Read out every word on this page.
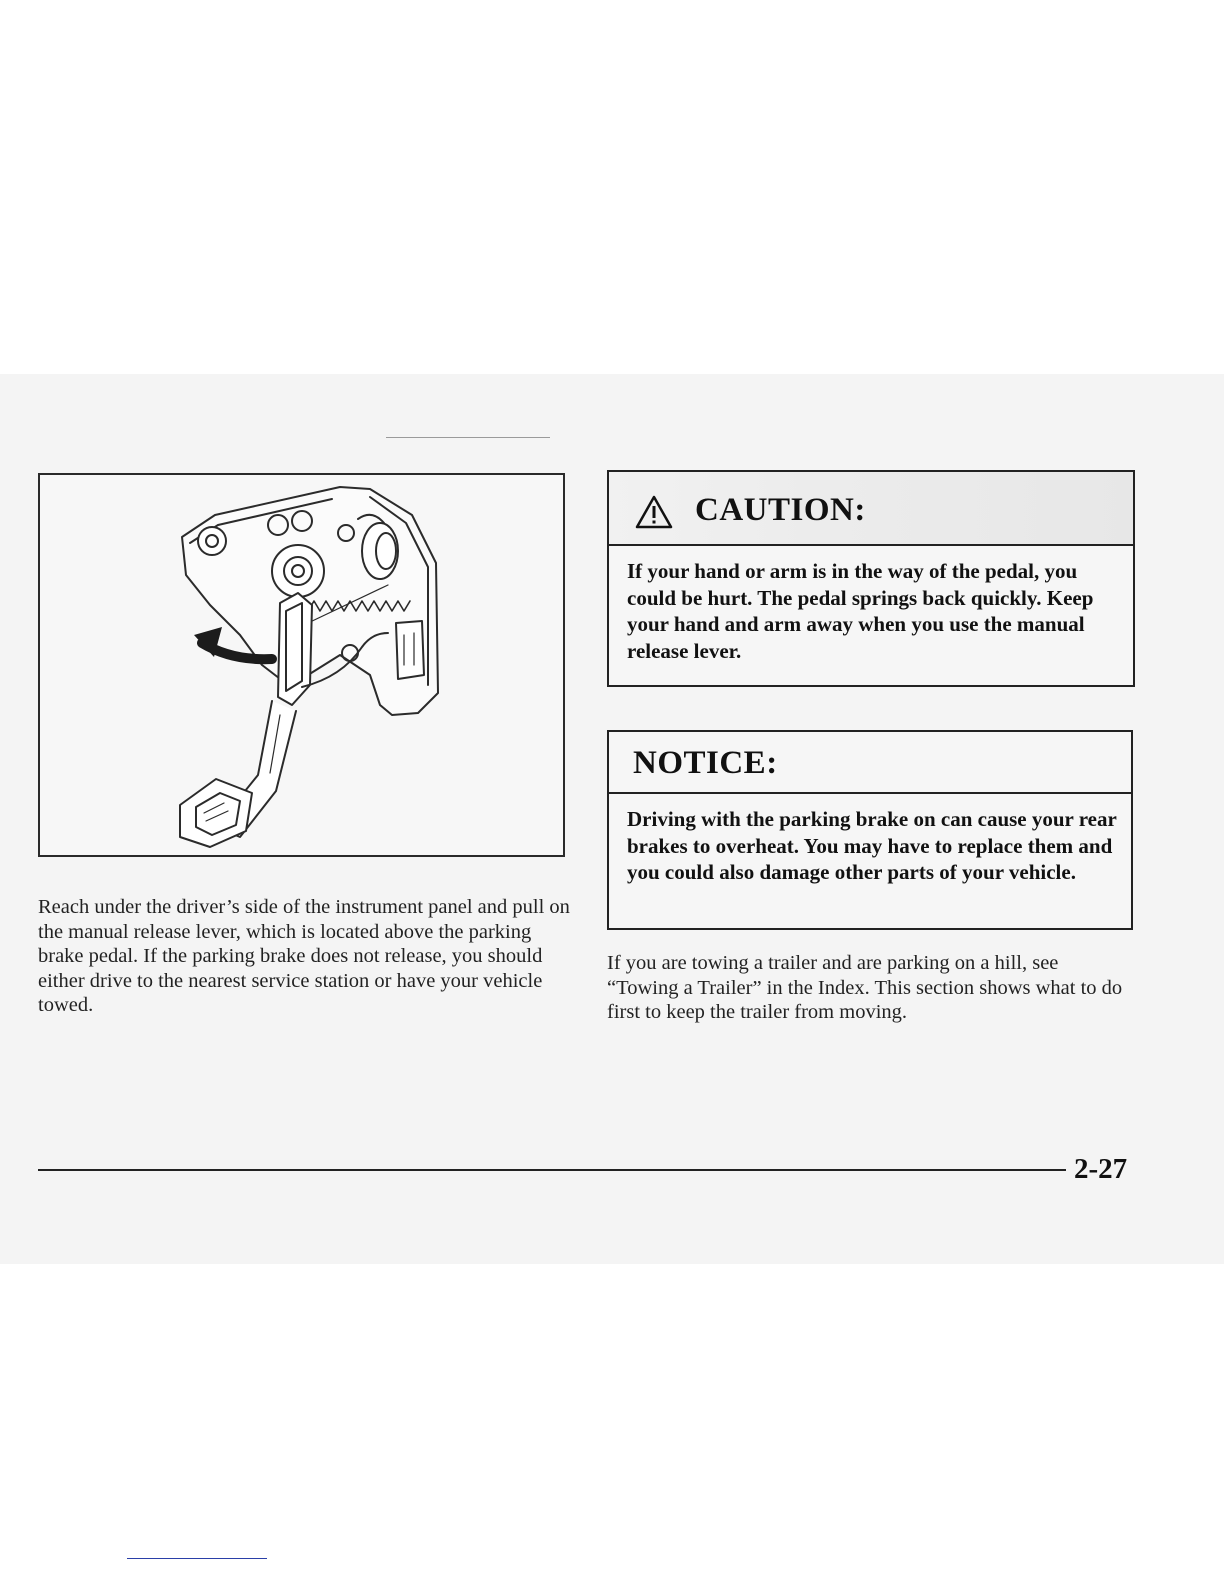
Reach under the driver’s side of the instrument panel and pull on the manual release lever, which is located above the parking brake pedal. If the parking brake does not release, you should either drive to the nearest service station or have your vehicle towed.
CAUTION:
If your hand or arm is in the way of the pedal, you could be hurt. The pedal springs back quickly. Keep your hand and arm away when you use the manual release lever.
NOTICE:
Driving with the parking brake on can cause your rear brakes to overheat. You may have to replace them and you could also damage other parts of your vehicle.
If you are towing a trailer and are parking on a hill, see “Towing a Trailer” in the Index. This section shows what to do first to keep the trailer from moving.
2-27
